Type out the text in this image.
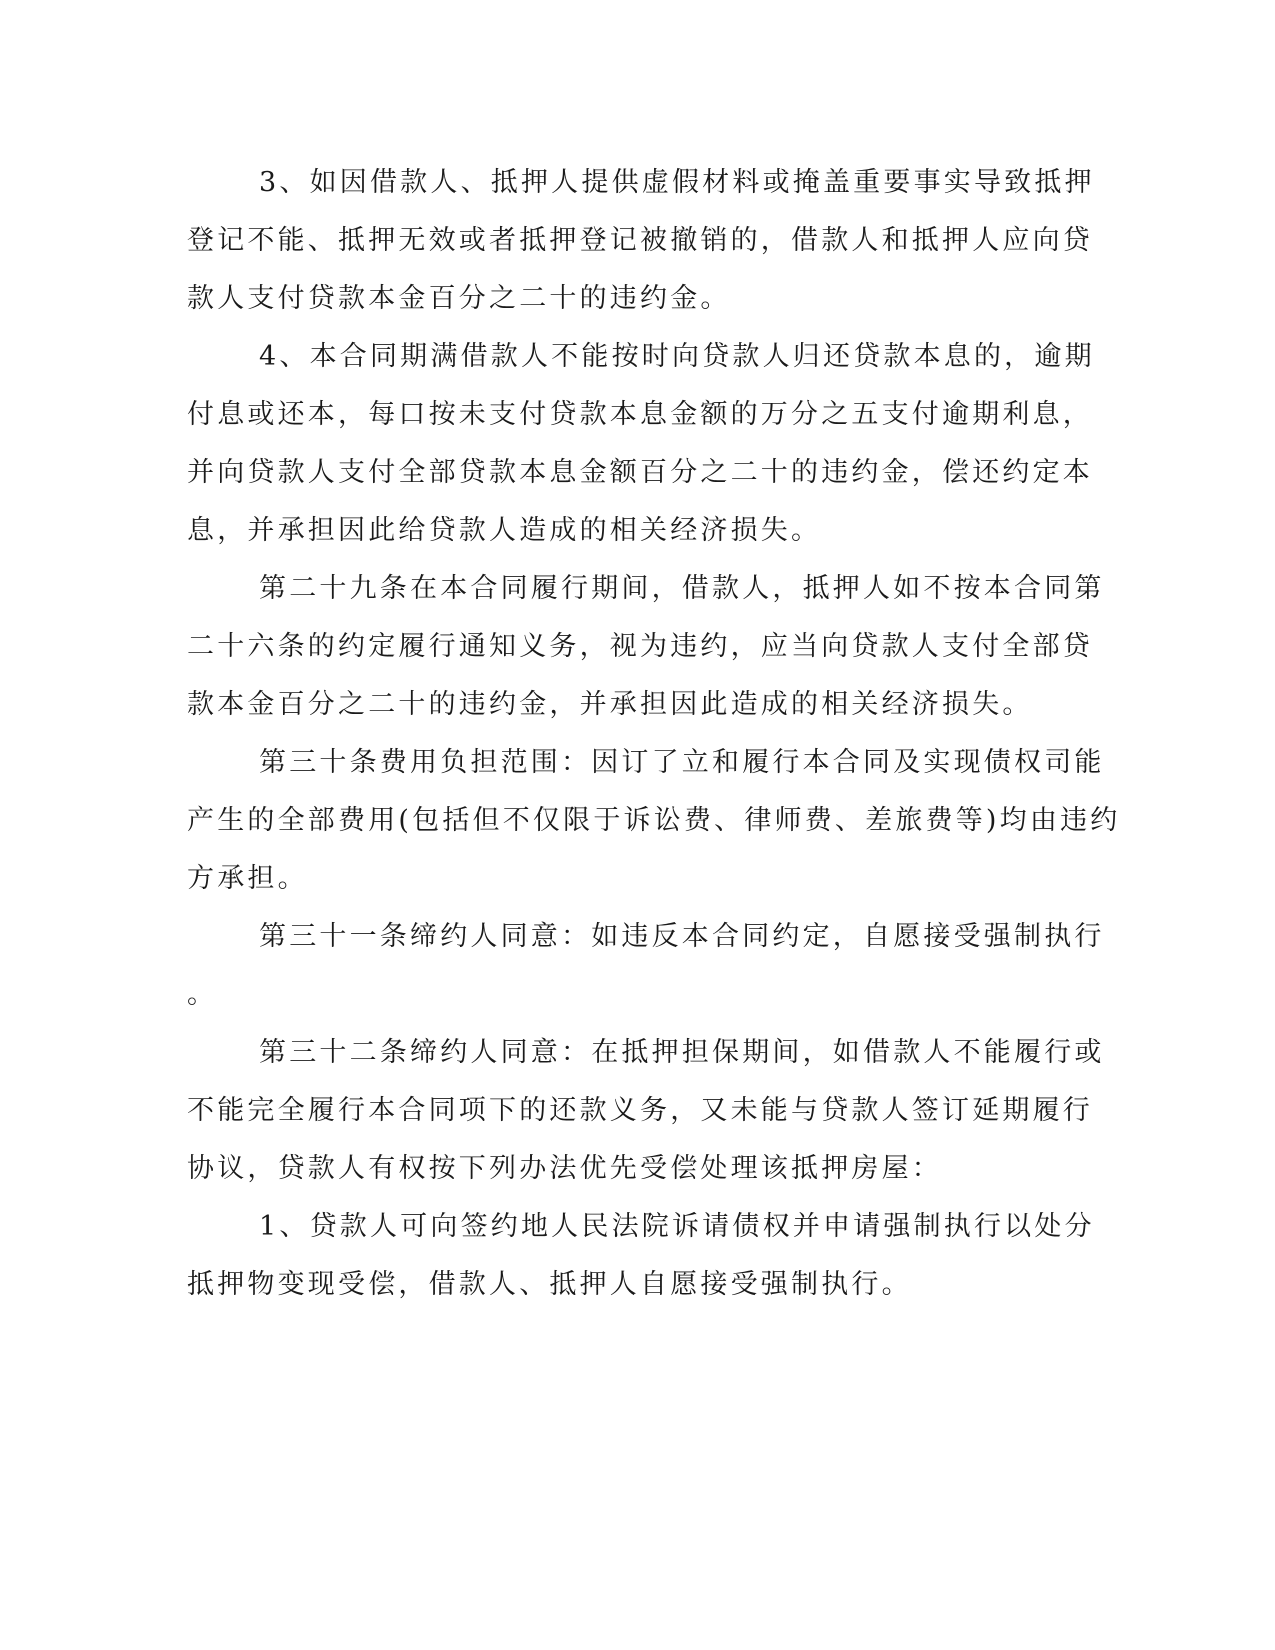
3、如因借款人、抵押人提供虚假材料或掩盖重要事实导致抵押
登记不能、抵押无效或者抵押登记被撤销的，借款人和抵押人应向贷
款人支付贷款本金百分之二十的违约金。
4、本合同期满借款人不能按时向贷款人归还贷款本息的，逾期
付息或还本，每口按未支付贷款本息金额的万分之五支付逾期利息，
并向贷款人支付全部贷款本息金额百分之二十的违约金，偿还约定本
息，并承担因此给贷款人造成的相关经济损失。
第二十九条在本合同履行期间，借款人，抵押人如不按本合同第
二十六条的约定履行通知义务，视为违约，应当向贷款人支付全部贷
款本金百分之二十的违约金，并承担因此造成的相关经济损失。
第三十条费用负担范围：因订了立和履行本合同及实现债权司能
产生的全部费用(包括但不仅限于诉讼费、律师费、差旅费等)均由违约
方承担。
第三十一条缔约人同意：如违反本合同约定，自愿接受强制执行
。
第三十二条缔约人同意：在抵押担保期间，如借款人不能履行或
不能完全履行本合同项下的还款义务，又未能与贷款人签订延期履行
协议，贷款人有权按下列办法优先受偿处理该抵押房屋：
1、贷款人可向签约地人民法院诉请债权并申请强制执行以处分
抵押物变现受偿，借款人、抵押人自愿接受强制执行。
